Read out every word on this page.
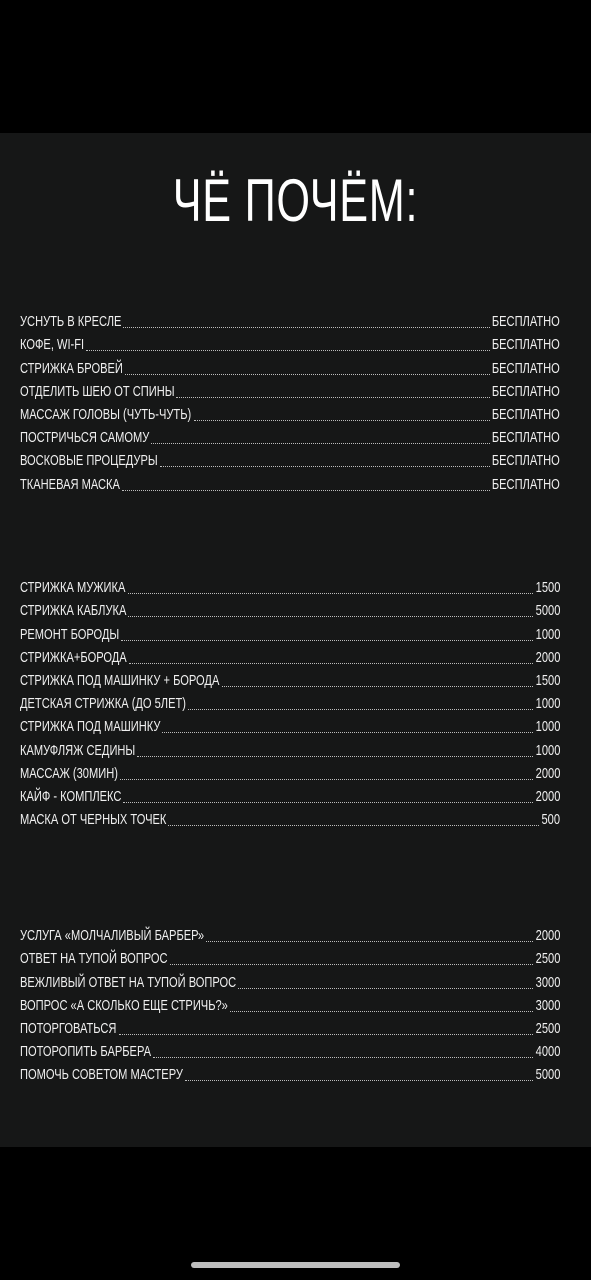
ЧЁ ПОЧЁМ:
УСНУТЬ В КРЕСЛЕ	БЕСПЛАТНО
КОФЕ, WI-FI	БЕСПЛАТНО
СТРИЖКА БРОВЕЙ	БЕСПЛАТНО
ОТДЕЛИТЬ ШЕЮ ОТ СПИНЫ	БЕСПЛАТНО
МАССАЖ ГОЛОВЫ (ЧУТЬ-ЧУТЬ)	БЕСПЛАТНО
ПОСТРИЧЬСЯ САМОМУ	БЕСПЛАТНО
ВОСКОВЫЕ ПРОЦЕДУРЫ	БЕСПЛАТНО
ТКАНЕВАЯ МАСКА	БЕСПЛАТНО
СТРИЖКА МУЖИКА	1500
СТРИЖКА КАБЛУКА	5000
РЕМОНТ БОРОДЫ	1000
СТРИЖКА+БОРОДА	2000
СТРИЖКА ПОД МАШИНКУ + БОРОДА	1500
ДЕТСКАЯ СТРИЖКА (ДО 5ЛЕТ)	1000
СТРИЖКА ПОД МАШИНКУ	1000
КАМУФЛЯЖ СЕДИНЫ	1000
МАССАЖ (30МИН)	2000
КАЙФ - КОМПЛЕКС	2000
МАСКА ОТ ЧЕРНЫХ ТОЧЕК	500
УСЛУГА «МОЛЧАЛИВЫЙ БАРБЕР»	2000
ОТВЕТ НА ТУПОЙ ВОПРОС	2500
ВЕЖЛИВЫЙ ОТВЕТ НА ТУПОЙ ВОПРОС	3000
ВОПРОС «А СКОЛЬКО ЕЩЕ СТРИЧЬ?»	3000
ПОТОРГОВАТЬСЯ	2500
ПОТОРОПИТЬ БАРБЕРА	4000
ПОМОЧЬ СОВЕТОМ МАСТЕРУ	5000
